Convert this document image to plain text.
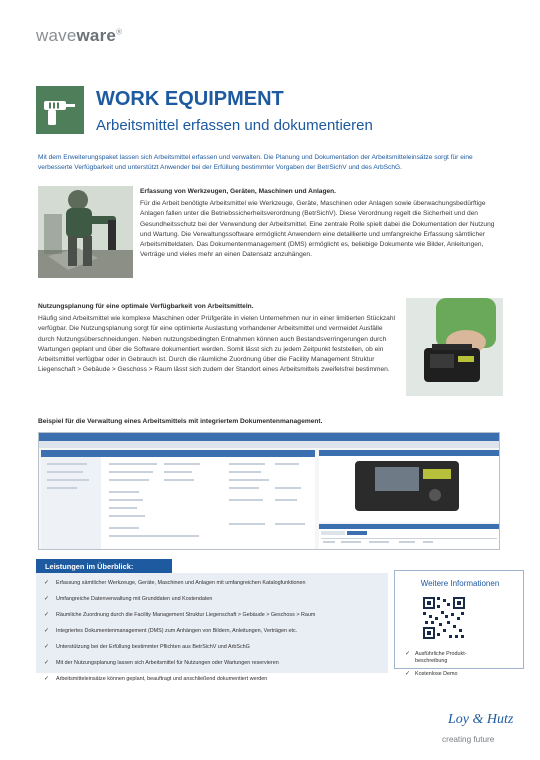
waveware®
WORK EQUIPMENT
Arbeitsmittel erfassen und dokumentieren

Mit dem Erweiterungspaket lassen sich Arbeitsmittel erfassen und verwalten. Die Planung und Dokumentation der Arbeitsmitteleinsätze sorgt für eine verbesserte Verfügbarkeit und unterstützt Anwender bei der Erfüllung bestimmter Vorgaben der BetrSichV und des ArbSchG.

Erfassung von Werkzeugen, Geräten, Maschinen und Anlagen.
Für die Arbeit benötigte Arbeitsmittel wie Werkzeuge, Geräte, Maschinen oder Anlagen sowie überwachungsbedürftige Anlagen fallen unter die Betriebssicherheitsverordnung (BetrSichV). Diese Verordnung regelt die Sicherheit und den Gesundheitsschutz bei der Verwendung der Arbeitsmittel. Eine zentrale Rolle spielt dabei die Dokumentation der Nutzung und Wartung. Die Verwaltungssoftware ermöglicht Anwendern eine detaillierte und umfangreiche Erfassung sämtlicher Arbeitsmitteldaten. Das Dokumentenmanagement (DMS) ermöglicht es, beliebige Dokumente wie Bilder, Anleitungen, Verträge und vieles mehr an einen Datensatz anzuhängen.
Nutzungsplanung für eine optimale Verfügbarkeit von Arbeitsmitteln.
Häufig sind Arbeitsmittel wie komplexe Maschinen oder Prüfgeräte in vielen Unternehmen nur in einer limitierten Stückzahl verfügbar. Die Nutzungsplanung sorgt für eine optimierte Auslastung vorhandener Arbeitsmittel und vermeidet Ausfälle durch Nutzungsüberschneidungen. Neben nutzungsbedingten Entnahmen können auch Bestandsverringerungen durch Wartungen geplant und über die Software dokumentiert werden. Somit lässt sich zu jedem Zeitpunkt feststellen, ob ein Arbeitsmittel verfügbar oder in Gebrauch ist. Durch die räumliche Zuordnung über die Facility Management Struktur Liegenschaft > Gebäude > Geschoss > Raum lässt sich zudem der Standort eines Arbeitsmittels zweifelsfrei bestimmen.
Beispiel für die Verwaltung eines Arbeitsmittels mit integriertem Dokumentenmanagement.
Leistungen im Überblick:
✓ Erfassung sämtlicher Werkzeuge, Geräte, Maschinen und Anlagen mit umfangreichen Katalogfunktionen
✓ Umfangreiche Datenverwaltung mit Grunddaten und Kostendaten
✓ Räumliche Zuordnung durch die Facility Management Struktur Liegenschaft > Gebäude > Geschoss > Raum
✓ Integriertes Dokumentenmanagement (DMS) zum Anhängen von Bildern, Anleitungen, Verträgen etc.
✓ Unterstützung bei der Erfüllung bestimmter Pflichten aus BetrSichV und ArbSchG
✓ Mit der Nutzungsplanung lassen sich Arbeitsmittel für Nutzungen oder Wartungen reservieren
✓ Arbeitsmitteleinsätze können geplant, beauftragt und anschließend dokumentiert werden
Weitere Informationen
✓ Ausführliche Produkt-beschreibung
✓ Kostenlose Demo
Loy & Hutz
creating future
